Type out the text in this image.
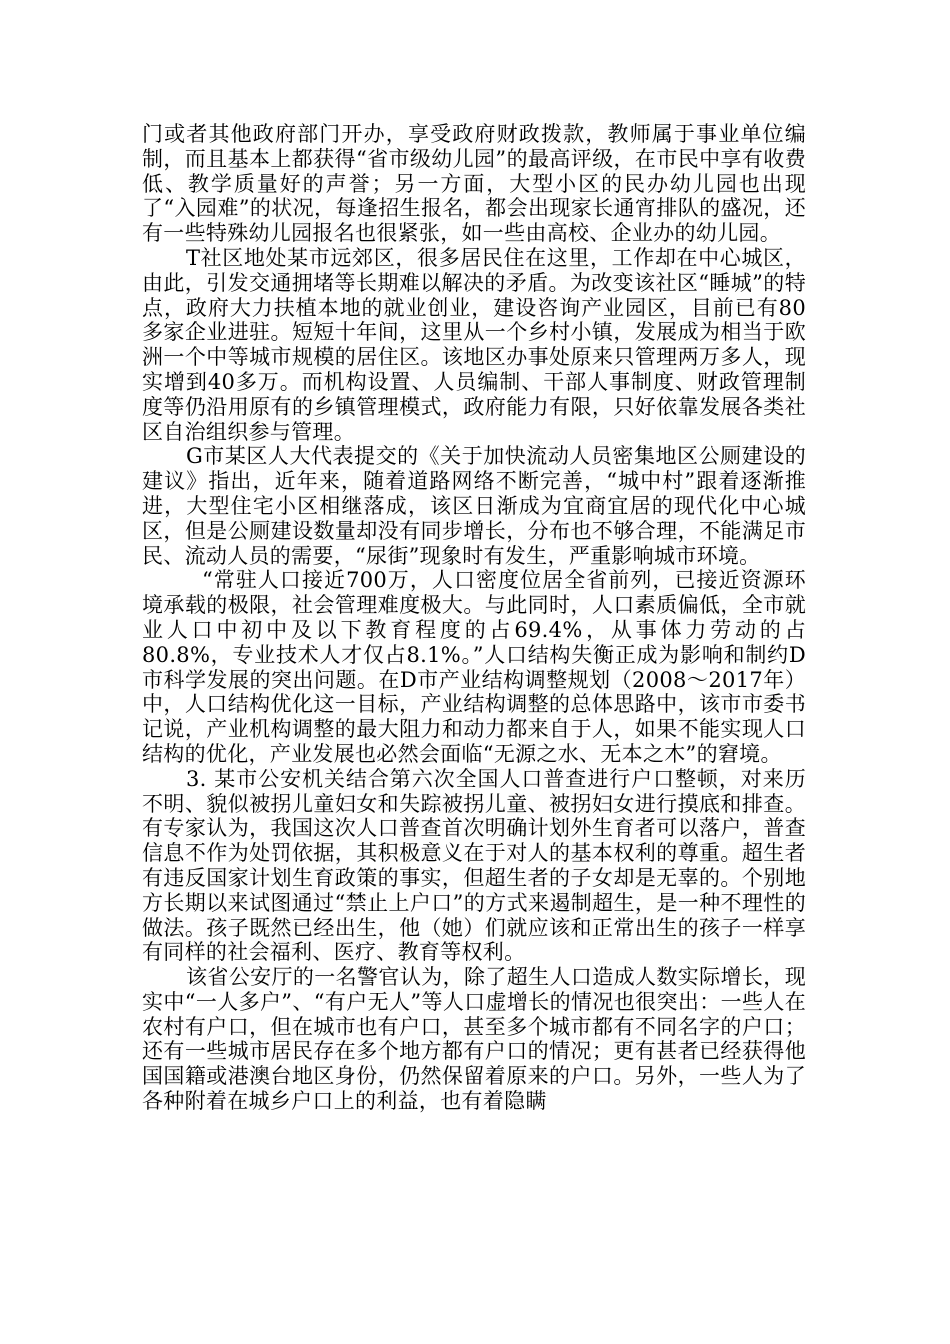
门或者其他政府部门开办，享受政府财政拨款，教师属于事业单位编制，而且基本上都获得“省市级幼儿园”的最高评级，在市民中享有收费低、教学质量好的声誉；另一方面，大型小区的民办幼儿园也出现了“入园难”的状况，每逢招生报名，都会出现家长通宵排队的盛况，还有一些特殊幼儿园报名也很紧张，如一些由高校、企业办的幼儿园。

T社区地处某市远郊区，很多居民住在这里，工作却在中心城区，由此，引发交通拥堵等长期难以解决的矛盾。为改变该社区“睡城”的特点，政府大力扶植本地的就业创业，建设咨询产业园区，目前已有80多家企业进驻。短短十年间，这里从一个乡村小镇，发展成为相当于欧洲一个中等城市规模的居住区。该地区办事处原来只管理两万多人，现实增到40多万。而机构设置、人员编制、干部人事制度、财政管理制度等仍沿用原有的乡镇管理模式，政府能力有限，只好依靠发展各类社区自治组织参与管理。

G市某区人大代表提交的《关于加快流动人员密集地区公厕建设的建议》指出，近年来，随着道路网络不断完善，“城中村”跟着逐渐推进，大型住宅小区相继落成，该区日渐成为宜商宜居的现代化中心城区，但是公厕建设数量却没有同步增长，分布也不够合理，不能满足市民、流动人员的需要，“尿街”现象时有发生，严重影响城市环境。

“常驻人口接近700万，人口密度位居全省前列，已接近资源环境承载的极限，社会管理难度极大。与此同时，人口素质偏低，全市就业人口中初中及以下教育程度的占69.4%，从事体力劳动的占80.8%，专业技术人才仅占8.1%。”人口结构失衡正成为影响和制约D市科学发展的突出问题。在D市产业结构调整规划（2008～2017年）中，人口结构优化这一目标，产业结构调整的总体思路中，该市市委书记说，产业机构调整的最大阻力和动力都来自于人，如果不能实现人口结构的优化，产业发展也必然会面临“无源之水、无本之木”的窘境。

3. 某市公安机关结合第六次全国人口普查进行户口整顿，对来历不明、貌似被拐儿童妇女和失踪被拐儿童、被拐妇女进行摸底和排查。有专家认为，我国这次人口普查首次明确计划外生育者可以落户，普查信息不作为处罚依据，其积极意义在于对人的基本权利的尊重。超生者有违反国家计划生育政策的事实，但超生者的子女却是无辜的。个别地方长期以来试图通过“禁止上户口”的方式来遏制超生，是一种不理性的做法。孩子既然已经出生，他（她）们就应该和正常出生的孩子一样享有同样的社会福利、医疗、教育等权利。

该省公安厅的一名警官认为，除了超生人口造成人数实际增长，现实中“一人多户”、“有户无人”等人口虚增长的情况也很突出：一些人在农村有户口，但在城市也有户口，甚至多个城市都有不同名字的户口；还有一些城市居民存在多个地方都有户口的情况；更有甚者已经获得他国国籍或港澳台地区身份，仍然保留着原来的户口。另外，一些人为了各种附着在城乡户口上的利益，也有着隐瞒
